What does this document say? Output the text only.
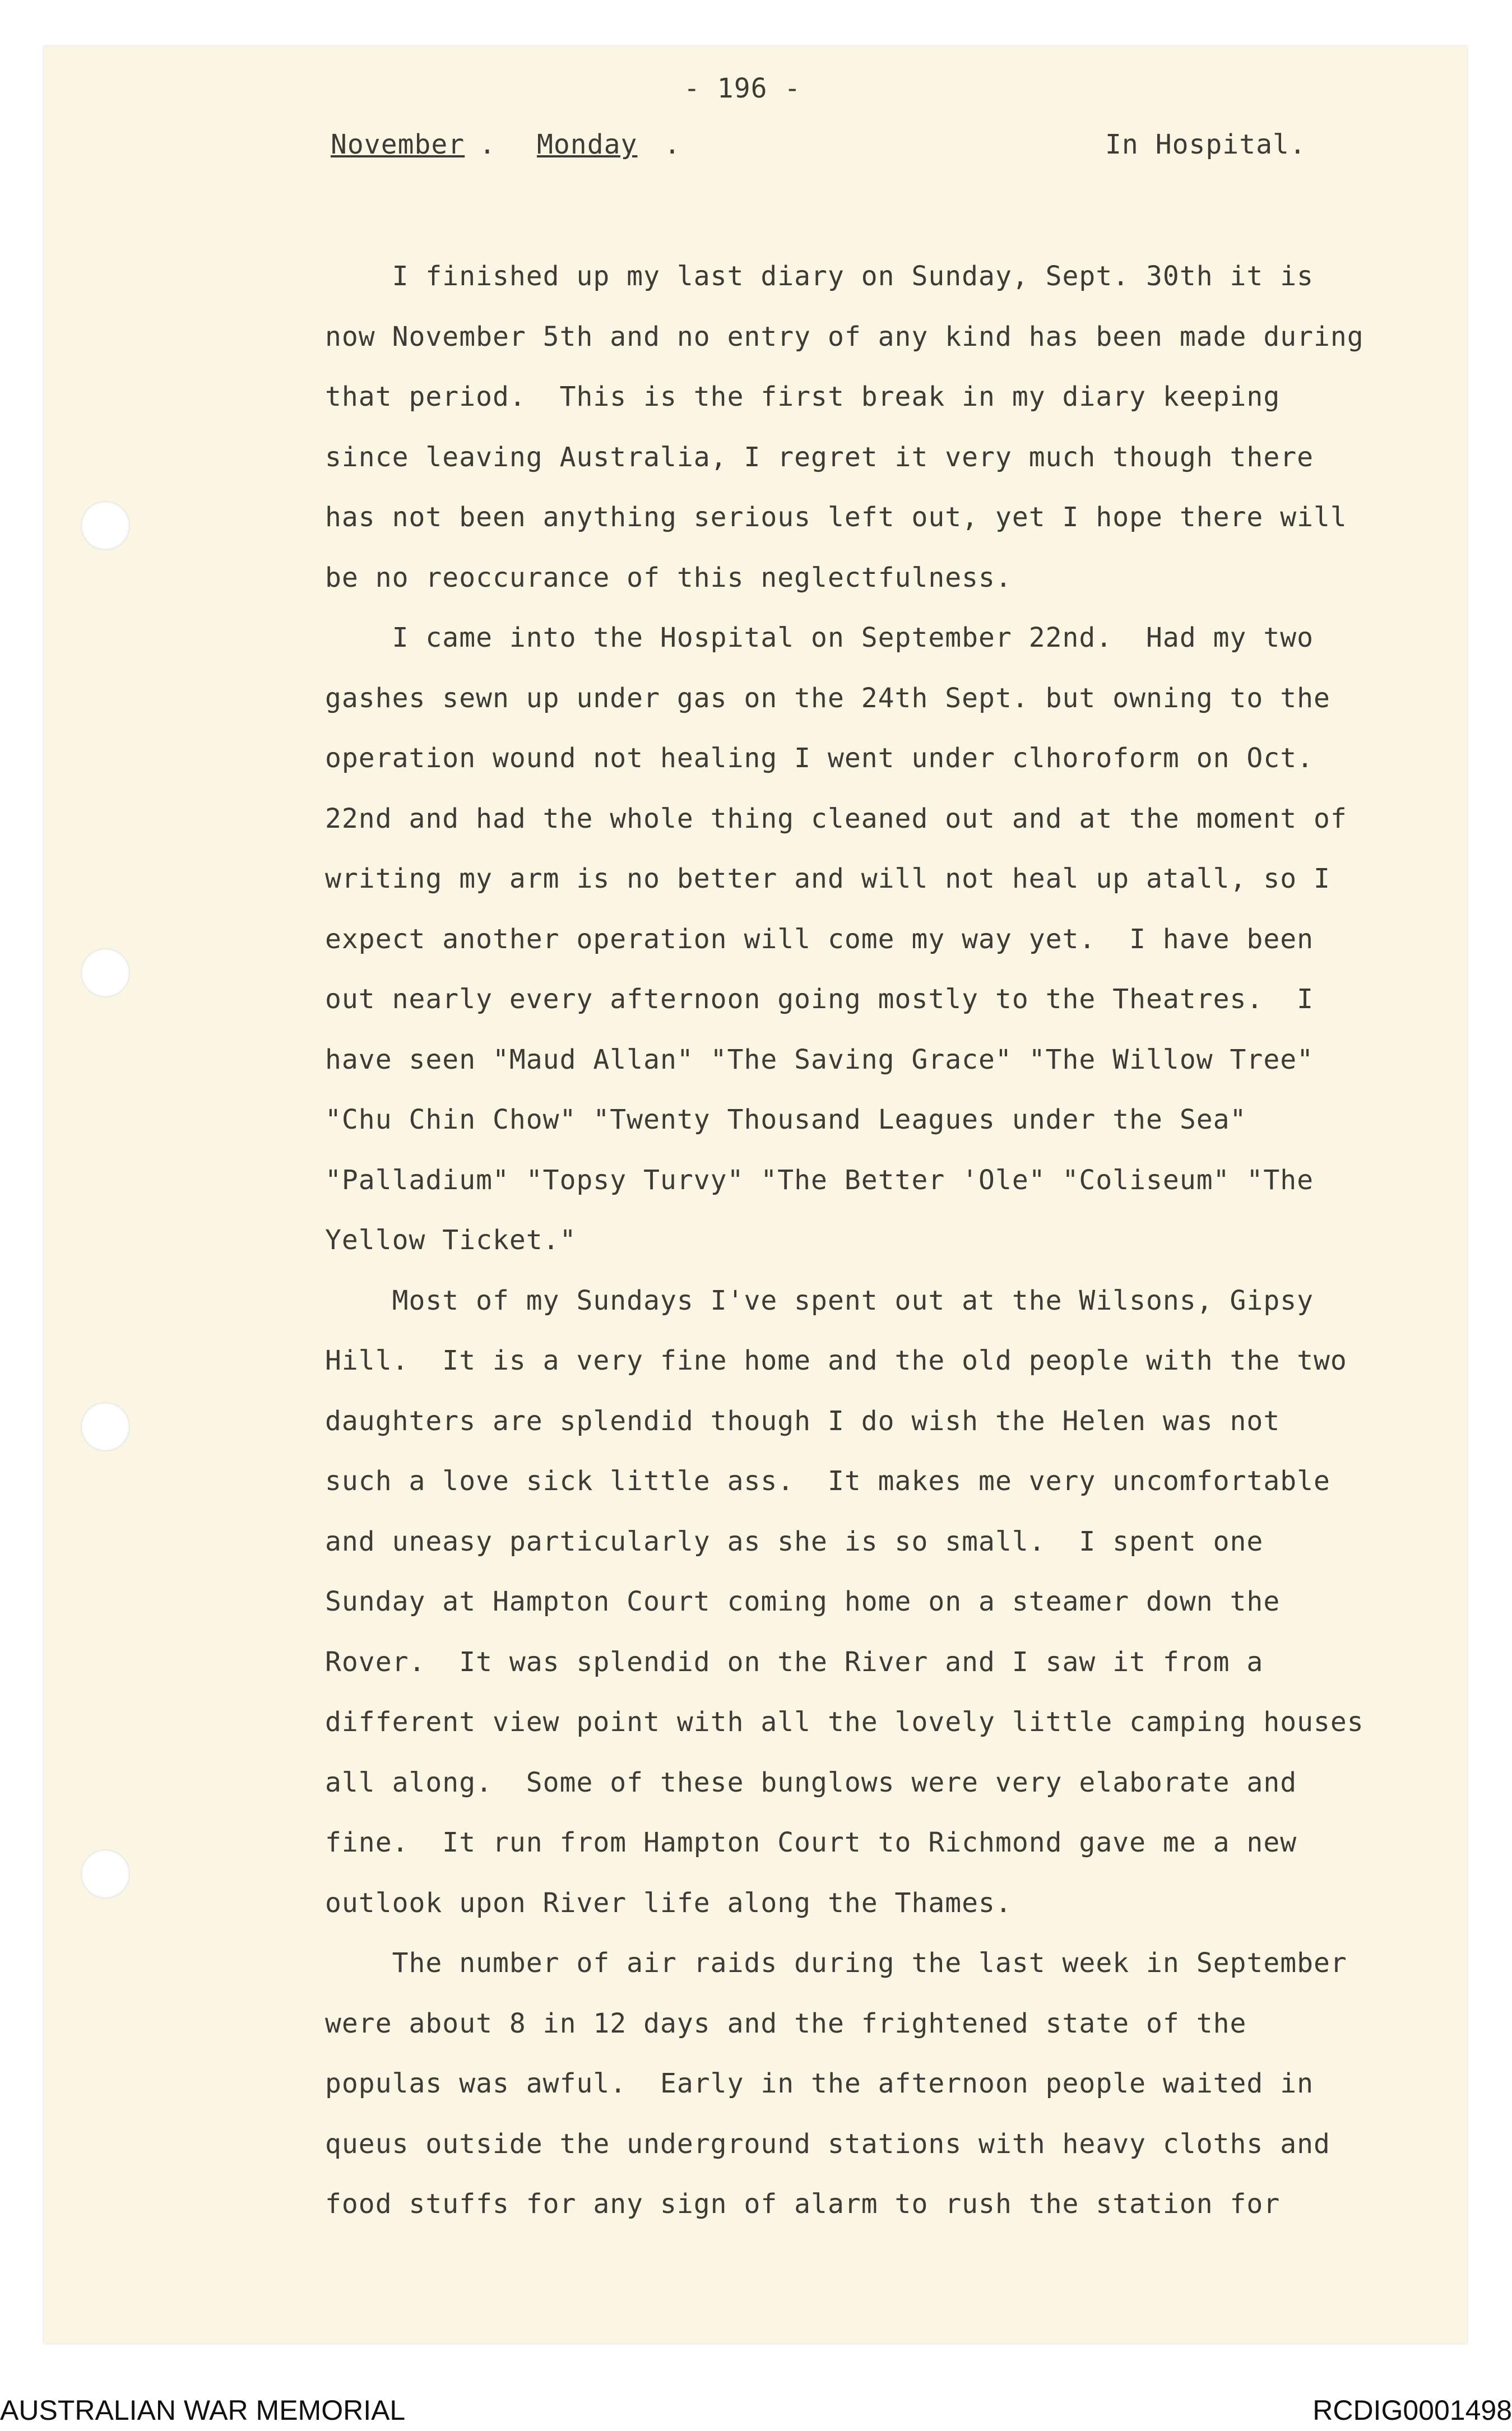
- 196 -
November . Monday .	In Hospital.

I finished up my last diary on Sunday, Sept. 30th it is

now November 5th and no entry of any kind has been made during

that period.  This is the first break in my diary keeping

since leaving Australia, I regret it very much though there

has not been anything serious left out, yet I hope there will

be no reoccurance of this neglectfulness.

I came into the Hospital on September 22nd.  Had my two

gashes sewn up under gas on the 24th Sept. but owning to the

operation wound not healing I went under clhoroform on Oct.

22nd and had the whole thing cleaned out and at the moment of

writing my arm is no better and will not heal up atall, so I

expect another operation will come my way yet.  I have been

out nearly every afternoon going mostly to the Theatres.  I

have seen "Maud Allan" "The Saving Grace" "The Willow Tree"

"Chu Chin Chow" "Twenty Thousand Leagues under the Sea"

"Palladium" "Topsy Turvy" "The Better 'Ole" "Coliseum" "The

Yellow Ticket."

Most of my Sundays I've spent out at the Wilsons, Gipsy

Hill.  It is a very fine home and the old people with the two

daughters are splendid though I do wish the Helen was not

such a love sick little ass.  It makes me very uncomfortable

and uneasy particularly as she is so small.  I spent one

Sunday at Hampton Court coming home on a steamer down the

Rover.  It was splendid on the River and I saw it from a

different view point with all the lovely little camping houses

all along.  Some of these bunglows were very elaborate and

fine.  It run from Hampton Court to Richmond gave me a new

outlook upon River life along the Thames.

The number of air raids during the last week in September

were about 8 in 12 days and the frightened state of the

populas was awful.  Early in the afternoon people waited in

queus outside the underground stations with heavy cloths and

food stuffs for any sign of alarm to rush the station for

AUSTRALIAN WAR MEMORIAL	RCDIG0001498
